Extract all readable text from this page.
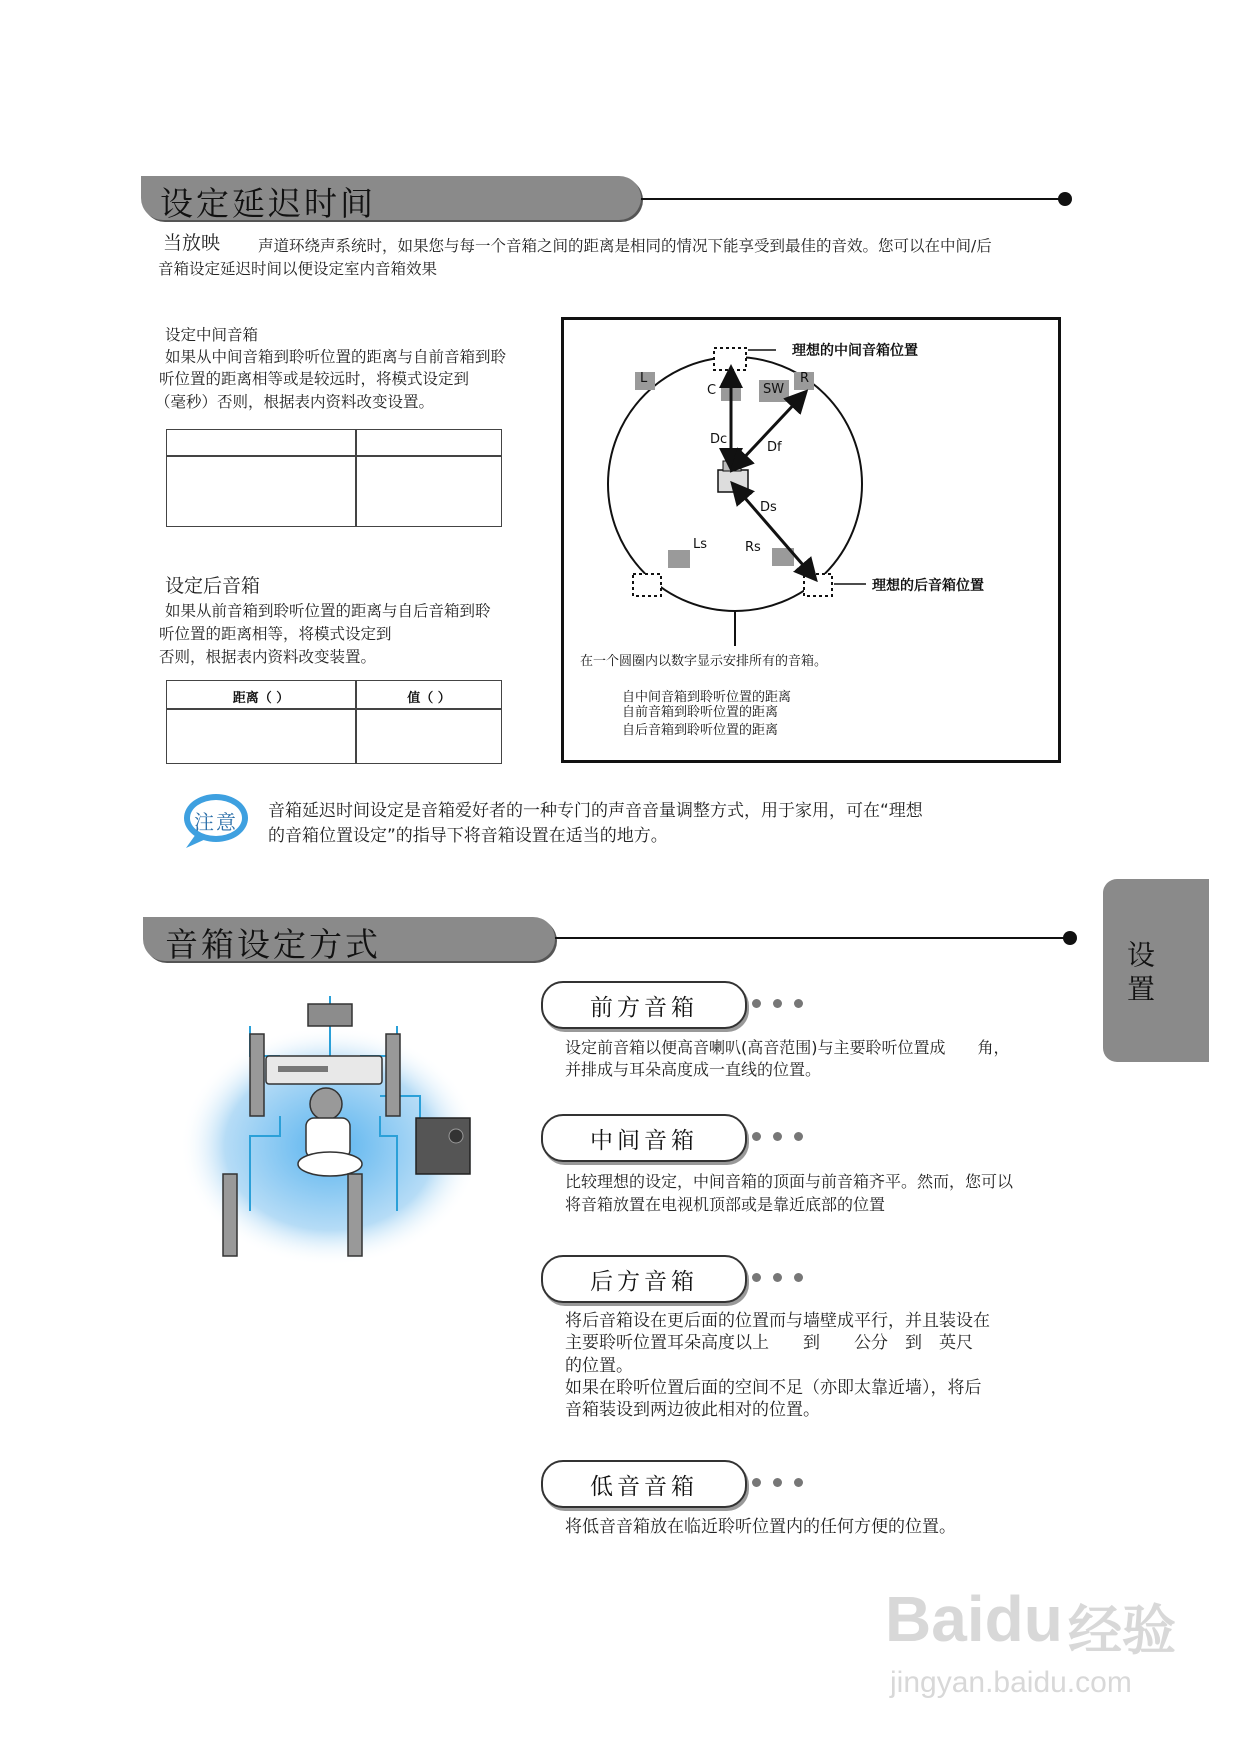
设定延迟时间
当放映 声道环绕声系统时，如果您与每一个音箱之间的距离是相同的情况下能享受到最佳的音效。您可以在中间/后
音箱设定延迟时间以便设定室内音箱效果
设定中间音箱
如果从中间音箱到聆听位置的距离与自前音箱到聆
听位置的距离相等或是较远时，将模式设定到
（毫秒）否则，根据表内资料改变设置。
设定后音箱
如果从前音箱到聆听位置的距离与自后音箱到聆
听位置的距离相等，将模式设定到
否则，根据表内资料改变装置。
距离（ ）	值（ ）
理想的中间音箱位置
理想的后音箱位置
L
C	SW
R
Dc
Df
Ds
Ls	Rs
在一个圆圈内以数字显示安排所有的音箱。
自中间音箱到聆听位置的距离
自前音箱到聆听位置的距离
自后音箱到聆听位置的距离
注意 音箱延迟时间设定是音箱爱好者的一种专门的声音音量调整方式，用于家用，可在“理想
的音箱位置设定”的指导下将音箱设置在适当的地方。
设置
音箱设定方式
前方音箱
设定前音箱以便高音喇叭(高音范围)与主要聆听位置成　　角，
并排成与耳朵高度成一直线的位置。
中间音箱
比较理想的设定，中间音箱的顶面与前音箱齐平。然而，您可以
将音箱放置在电视机顶部或是靠近底部的位置
后方音箱
将后音箱设在更后面的位置而与墙壁成平行，并且装设在
主要聆听位置耳朵高度以上　　到　　公分　到　英尺
的位置。
如果在聆听位置后面的空间不足（亦即太靠近墙），将后
音箱装设到两边彼此相对的位置。
低音音箱
将低音音箱放在临近聆听位置内的任何方便的位置。
Baidu 经验
jingyan.baidu.com
